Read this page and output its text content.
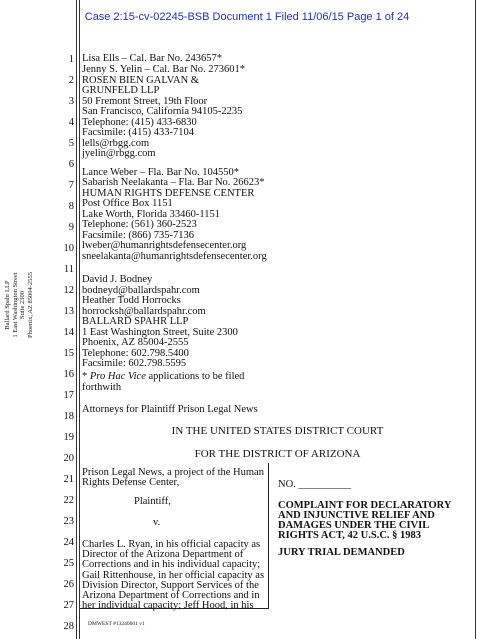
Case 2:15-cv-02245-BSB Document 1 Filed 11/06/15 Page 1 of 24
1
2
3
4
5
6
7
8
9
10
11
12
13
14
15
16
17
18
19
20
21
22
23
24
25
26
27
28
Ballard Spahr LLP 1 East Washington Street Suite 2300 Phoenix, AZ 85004-2555
Lisa Ells – Cal. Bar No. 243657*
Jenny S. Yelin – Cal. Bar No. 273601*
ROSEN BIEN GALVAN &
GRUNFELD LLP
50 Fremont Street, 19th Floor
San Francisco, California 94105-2235
Telephone: (415) 433-6830
Facsimile: (415) 433-7104
lells@rbgg.com
jyelin@rbgg.com
Lance Weber – Fla. Bar No. 104550*
Sabarish Neelakanta – Fla. Bar No. 26623*
HUMAN RIGHTS DEFENSE CENTER
Post Office Box 1151
Lake Worth, Florida 33460-1151
Telephone: (561) 360-2523
Facsimile: (866) 735-7136
lweber@humanrightsdefensecenter.org
sneelakanta@humanrightsdefensecenter.org
David J. Bodney
bodneyd@ballardspahr.com
Heather Todd Horrocks
horrocksh@ballardspahr.com
BALLARD SPAHR LLP
1 East Washington Street, Suite 2300
Phoenix, AZ 85004-2555
Telephone: 602.798.5400
Facsimile: 602.798.5595
* Pro Hac Vice applications to be filed
forthwith
Attorneys for Plaintiff Prison Legal News
IN THE UNITED STATES DISTRICT COURT
FOR THE DISTRICT OF ARIZONA
Prison Legal News, a project of the Human
Rights Defense Center,
Plaintiff,
v.
Charles L. Ryan, in his official capacity as
Director of the Arizona Department of
Corrections and in his individual capacity;
Gail Rittenhouse, in her official capacity as
Division Director, Support Services of the
Arizona Department of Corrections and in
her individual capacity; Jeff Hood, in his
NO. __________
COMPLAINT FOR DECLARATORY
AND INJUNCTIVE RELIEF AND
DAMAGES UNDER THE CIVIL
RIGHTS ACT, 42 U.S.C. § 1983
JURY TRIAL DEMANDED
DMWEST #13240601 v1
